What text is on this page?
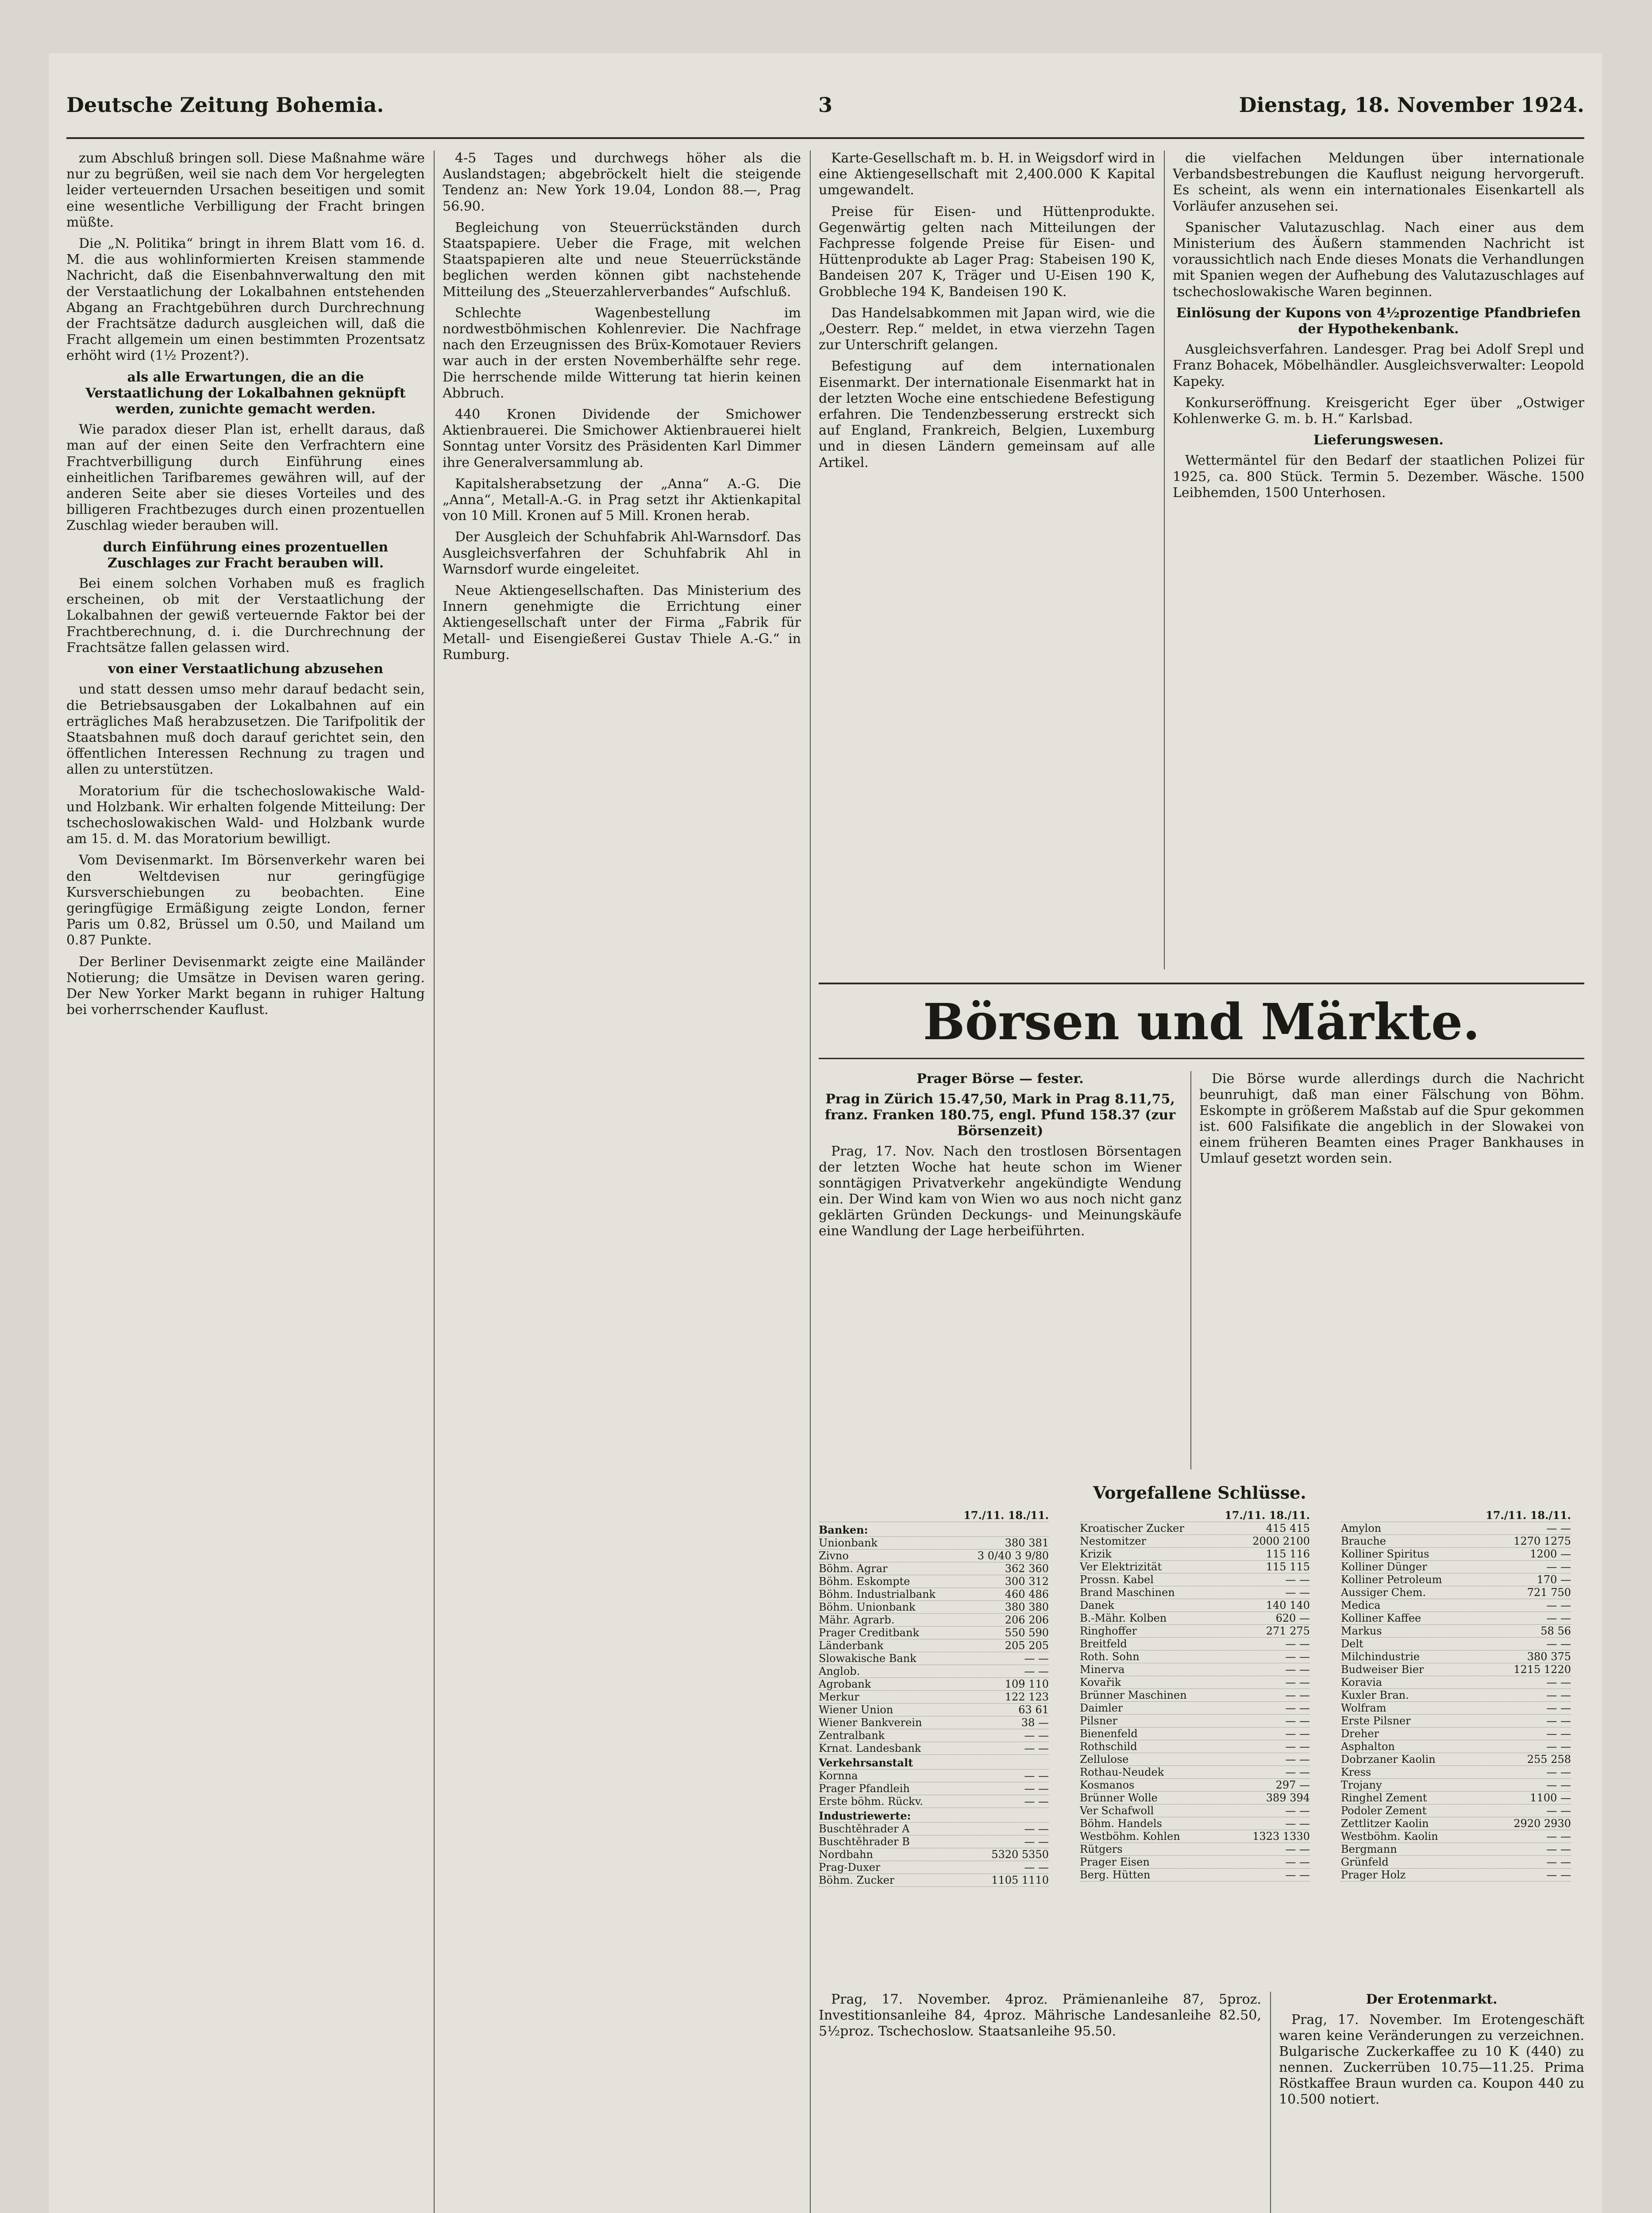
Deutsche Zeitung Bohemia.	3	Dienstag, 18. November 1924.

zum Abschluß bringen soll. Diese Maßnahme wäre nur zu begrüßen, weil sie nach dem Vor hergelegten leider verteuernden Ursachen beseitigen und somit eine wesentliche Verbilligung der Fracht bringen müßte.

Die „N. Politika“ bringt in ihrem Blatt vom 16. d. M. die aus wohlinformierten Kreisen stammende Nachricht, daß die Eisenbahnverwaltung den mit der Verstaatlichung der Lokalbahnen entstehenden Abgang an Frachtgebühren durch Durchrechnung der Frachtsätze dadurch ausgleichen will, daß die Fracht allgemein um einen bestimmten Prozentsatz erhöht wird (1½ Prozent?).

als alle Erwartungen, die an die Verstaatlichung der Lokalbahnen geknüpft werden, zunichte gemacht werden.

Wie paradox dieser Plan ist, erhellt daraus, daß man auf der einen Seite den Verfrachtern eine Frachtverbilligung durch Einführung eines einheitlichen Tarifbaremes gewähren will, auf der anderen Seite aber sie dieses Vorteiles und des billigeren Frachtbezuges durch einen prozentuellen Zuschlag wieder berauben will.

durch Einführung eines prozentuellen Zuschlages zur Fracht berauben will.

Bei einem solchen Vorhaben muß es fraglich erscheinen, ob mit der Verstaatlichung der Lokalbahnen der gewiß verteuernde Faktor bei der Frachtberechnung, d. i. die Durchrechnung der Frachtsätze fallen gelassen wird.

von einer Verstaatlichung abzusehen

und statt dessen umso mehr darauf bedacht sein, die Betriebsausgaben der Lokalbahnen auf ein erträgliches Maß herabzusetzen. Die Tarifpolitik der Staatsbahnen muß doch darauf gerichtet sein, den öffentlichen Interessen Rechnung zu tragen und allen zu unterstützen.

Moratorium für die tschechoslowakische Wald- und Holzbank. Wir erhalten folgende Mitteilung: Der tschechoslowakischen Wald- und Holzbank wurde am 15. d. M. das Moratorium bewilligt.

Vom Devisenmarkt. Im Börsenverkehr waren bei den Weltdevisen nur geringfügige Kursverschiebungen zu beobachten. Eine geringfügige Ermäßigung zeigte London, ferner Paris um 0.82, Brüssel um 0.50, und Mailand um 0.87 Punkte.

Der Berliner Devisenmarkt zeigte eine Mailänder Notierung; die Umsätze in Devisen waren gering. Der New Yorker Markt begann in ruhiger Haltung bei vorherrschender Kauflust.

4-5 Tages und durchwegs höher als die Auslandstagen; abgebröckelt hielt die steigende Tendenz an: New York 19.04, London 88.—, Prag 56.90.

Begleichung von Steuerrückständen durch Staatspapiere. Ueber die Frage, mit welchen Staatspapieren alte und neue Steuerrückstände beglichen werden können gibt nachstehende Mitteilung des „Steuerzahlerverbandes“ Aufschluß.

Schlechte Wagenbestellung im nordwestböhmischen Kohlenrevier. Die Nachfrage nach den Erzeugnissen des Brüx-Komotauer Reviers war auch in der ersten Novemberhälfte sehr rege. Die herrschende milde Witterung tat hierin keinen Abbruch.

440 Kronen Dividende der Smichower Aktienbrauerei. Die Smichower Aktienbrauerei hielt Sonntag unter Vorsitz des Präsidenten Karl Dimmer ihre Generalversammlung ab.

Kapitalsherabsetzung der „Anna“ A.-G. Die „Anna“, Metall-A.-G. in Prag setzt ihr Aktienkapital von 10 Mill. Kronen auf 5 Mill. Kronen herab.

Der Ausgleich der Schuhfabrik Ahl-Warnsdorf. Das Ausgleichsverfahren der Schuhfabrik Ahl in Warnsdorf wurde eingeleitet.

Neue Aktiengesellschaften. Das Ministerium des Innern genehmigte die Errichtung einer Aktiengesellschaft unter der Firma „Fabrik für Metall- und Eisengießerei Gustav Thiele A.-G.“ in Rumburg.

Karte-Gesellschaft m. b. H. in Weigsdorf wird in eine Aktiengesellschaft mit 2,400.000 K Kapital umgewandelt.

Preise für Eisen- und Hüttenprodukte. Gegenwärtig gelten nach Mitteilungen der Fachpresse folgende Preise für Eisen- und Hüttenprodukte ab Lager Prag: Stabeisen 190 K, Bandeisen 207 K, Träger und U-Eisen 190 K, Grobbleche 194 K, Bandeisen 190 K.

Das Handelsabkommen mit Japan wird, wie die „Oesterr. Rep.“ meldet, in etwa vierzehn Tagen zur Unterschrift gelangen.

Befestigung auf dem internationalen Eisenmarkt. Der internationale Eisenmarkt hat in der letzten Woche eine entschiedene Befestigung erfahren. Die Tendenzbesserung erstreckt sich auf England, Frankreich, Belgien, Luxemburg und in diesen Ländern gemeinsam auf alle Artikel.

die vielfachen Meldungen über internationale Verbandsbestrebungen die Kauflust neigung hervorgeruft. Es scheint, als wenn ein internationales Eisenkartell als Vorläufer anzusehen sei.

Spanischer Valutazuschlag. Nach einer aus dem Ministerium des Äußern stammenden Nachricht ist voraussichtlich nach Ende dieses Monats die Verhandlungen mit Spanien wegen der Aufhebung des Valutazuschlages auf tschechoslowakische Waren beginnen.

Einlösung der Kupons von 4½prozentige Pfandbriefen der Hypothekenbank.

Ausgleichsverfahren. Landesger. Prag bei Adolf Srepl und Franz Bohacek, Möbelhändler. Ausgleichsverwalter: Leopold Kapeky.

Konkurseröffnung. Kreisgericht Eger über „Ostwiger Kohlenwerke G. m. b. H.“ Karlsbad.

Lieferungswesen.

Wettermäntel für den Bedarf der staatlichen Polizei für 1925, ca. 800 Stück. Termin 5. Dezember. Wäsche. 1500 Leibhemden, 1500 Unterhosen.

Börsen und Märkte.

Prager Börse — fester.

Prag in Zürich 15.47,50, Mark in Prag 8.11,75, franz. Franken 180.75, engl. Pfund 158.37 (zur Börsenzeit)

Prag, 17. Nov. Nach den trostlosen Börsentagen der letzten Woche hat heute schon im Wiener sonntägigen Privatverkehr angekündigte Wendung ein. Der Wind kam von Wien wo aus noch nicht ganz geklärten Gründen Deckungs- und Meinungskäufe eine Wandlung der Lage herbeiführten.

Die Börse wurde allerdings durch die Nachricht beunruhigt, daß man einer Fälschung von Böhm. Eskompte in größerem Maßstab auf die Spur gekommen ist. 600 Falsifikate die angeblich in der Slowakei von einem früheren Beamten eines Prager Bankhauses in Umlauf gesetzt worden sein.

Vorgefallene Schlüsse.
17./11. 18./11.
Banken:
Unionbank	380 381
Zivno	3 0/40 3 9/80
Böhm. Agrar	362 360
Böhm. Eskompte	300 312
Böhm. Industrialbank	460 486
Böhm. Unionbank	380 380
Mähr. Agrarb.	206 206
Prager Creditbank	550 590
Länderbank	205 205
Slowakische Bank	— —
Anglob.	— —
Agrobank	109 110
Merkur	122 123
Wiener Union	63 61
Wiener Bankverein	38 —
Zentralbank	— —
Krnat. Landesbank	— —
Verkehrsanstalt
Kornna	— —
Prager Pfandleih	— —
Erste böhm. Rückv.	— —
Industriewerte:
Buschtěhrader A	— —
Buschtěhrader B	— —
Nordbahn	5320 5350
Prag-Duxer	— —
Böhm. Zucker	1105 1110
17./11. 18./11.
Kroatischer Zucker	415 415
Nestomitzer	2000 2100
Krizik	115 116
Ver Elektrizität	115 115
Prossn. Kabel	— —
Brand Maschinen	— —
Danek	140 140
B.-Mähr. Kolben	620 —
Ringhoffer	271 275
Breitfeld	— —
Roth. Sohn	— —
Minerva	— —
Kovařik	— —
Brünner Maschinen	— —
Daimler	— —
Pilsner	— —
Bienenfeld	— —
Rothschild	— —
Zellulose	— —
Rothau-Neudek	— —
Kosmanos	297 —
Brünner Wolle	389 394
Ver Schafwoll	— —
Böhm. Handels	— —
Westböhm. Kohlen	1323 1330
Rütgers	— —
Prager Eisen	— —
Berg. Hütten	— —
17./11. 18./11.
Amylon	— —
Brauche	1270 1275
Kolliner Spiritus	1200 —
Kolliner Dünger	— —
Kolliner Petroleum	170 —
Aussiger Chem.	721 750
Medica	— —
Kolliner Kaffee	— —
Markus	58 56
Delt	— —
Milchindustrie	380 375
Budweiser Bier	1215 1220
Koravia	— —
Kuxler Bran.	— —
Wolfram	— —
Erste Pilsner	— —
Dreher	— —
Asphalton	— —
Dobrzaner Kaolin	255 258
Kress	— —
Trojany	— —
Ringhel Zement	1100 —
Podoler Zement	— —
Zettlitzer Kaolin	2920 2930
Westböhm. Kaolin	— —
Bergmann	— —
Grünfeld	— —
Prager Holz	— —

Prag, 17. November. 4proz. Prämienanleihe 87, 5proz. Investitionsanleihe 84, 4proz. Mährische Landesanleihe 82.50, 5½proz. Tschechoslow. Staatsanleihe 95.50.

Der Erotenmarkt.

Prag, 17. November. Im Erotengeschäft waren keine Veränderungen zu verzeichnen. Bulgarische Zuckerkaffee zu 10 K (440) zu nennen. Zuckerrüben 10.75—11.25. Prima Röstkaffee Braun wurden ca. Koupon 440 zu 10.500 notiert.
